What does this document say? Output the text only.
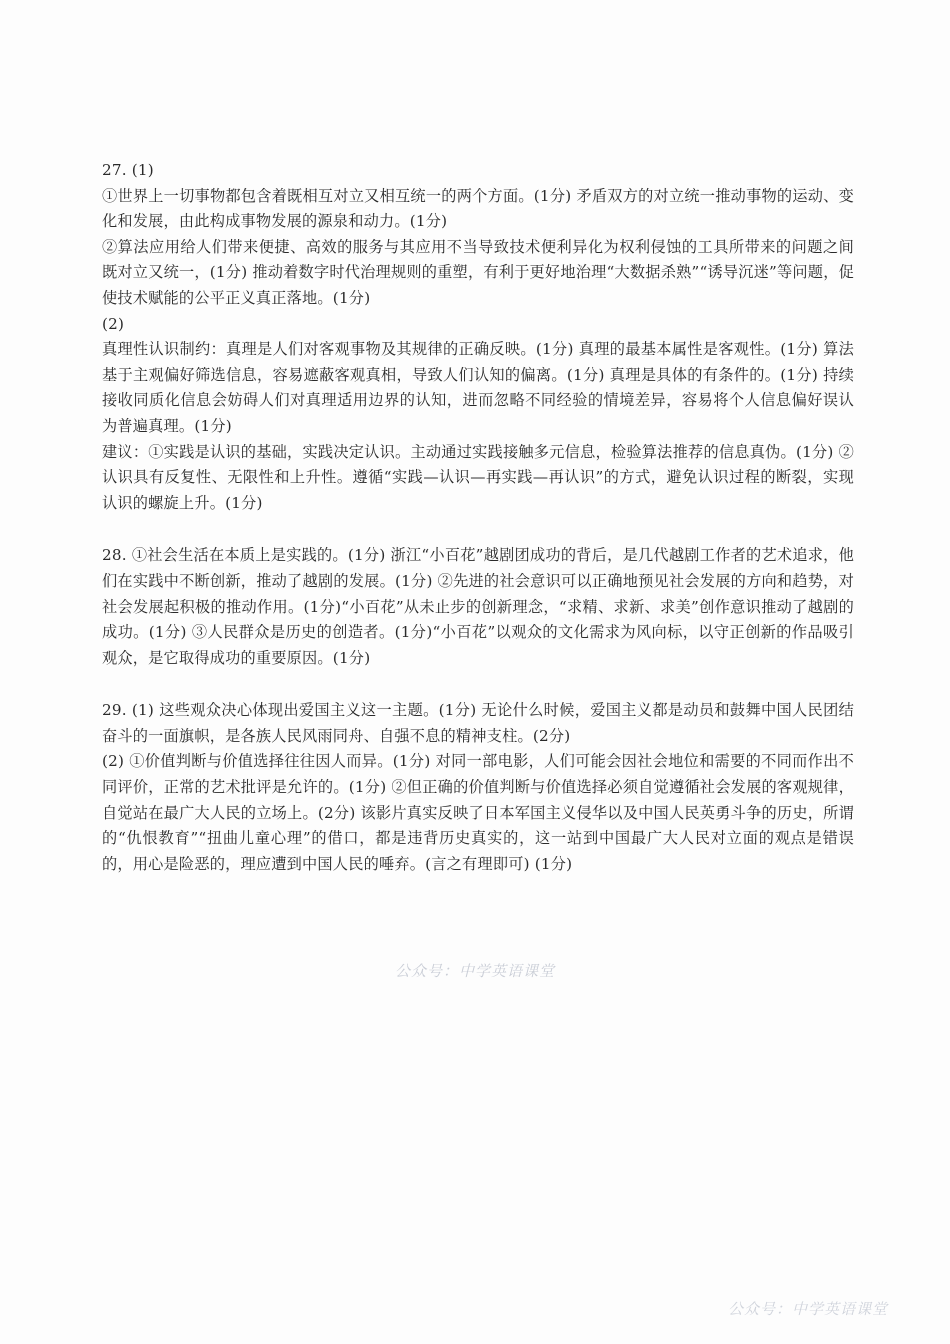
27. (1)

①世界上一切事物都包含着既相互对立又相互统一的两个方面。(1分) 矛盾双方的对立统一推动事物的运动、变化和发展，由此构成事物发展的源泉和动力。(1分)

②算法应用给人们带来便捷、高效的服务与其应用不当导致技术便利异化为权利侵蚀的工具所带来的问题之间既对立又统一，(1分) 推动着数字时代治理规则的重塑，有利于更好地治理“大数据杀熟”“诱导沉迷”等问题，促使技术赋能的公平正义真正落地。(1分)

(2)

真理性认识制约：真理是人们对客观事物及其规律的正确反映。(1分) 真理的最基本属性是客观性。(1分) 算法基于主观偏好筛选信息，容易遮蔽客观真相，导致人们认知的偏离。(1分) 真理是具体的有条件的。(1分) 持续接收同质化信息会妨碍人们对真理适用边界的认知，进而忽略不同经验的情境差异，容易将个人信息偏好误认为普遍真理。(1分)

建议：①实践是认识的基础，实践决定认识。主动通过实践接触多元信息，检验算法推荐的信息真伪。(1分) ②认识具有反复性、无限性和上升性。遵循“实践—认识—再实践—再认识”的方式，避免认识过程的断裂，实现认识的螺旋上升。(1分)

28. ①社会生活在本质上是实践的。(1分) 浙江“小百花”越剧团成功的背后，是几代越剧工作者的艺术追求，他们在实践中不断创新，推动了越剧的发展。(1分) ②先进的社会意识可以正确地预见社会发展的方向和趋势，对社会发展起积极的推动作用。(1分)“小百花”从未止步的创新理念，“求精、求新、求美”创作意识推动了越剧的成功。(1分) ③人民群众是历史的创造者。(1分)“小百花”以观众的文化需求为风向标，以守正创新的作品吸引观众，是它取得成功的重要原因。(1分)

29. (1) 这些观众决心体现出爱国主义这一主题。(1分) 无论什么时候，爱国主义都是动员和鼓舞中国人民团结奋斗的一面旗帜，是各族人民风雨同舟、自强不息的精神支柱。(2分)

(2) ①价值判断与价值选择往往因人而异。(1分) 对同一部电影，人们可能会因社会地位和需要的不同而作出不同评价，正常的艺术批评是允许的。(1分) ②但正确的价值判断与价值选择必须自觉遵循社会发展的客观规律，自觉站在最广大人民的立场上。(2分) 该影片真实反映了日本军国主义侵华以及中国人民英勇斗争的历史，所谓的“仇恨教育”“扭曲儿童心理”的借口，都是违背历史真实的，这一站到中国最广大人民对立面的观点是错误的，用心是险恶的，理应遭到中国人民的唾弃。(言之有理即可) (1分)

公众号：中学英语课堂
公众号：中学英语课堂
